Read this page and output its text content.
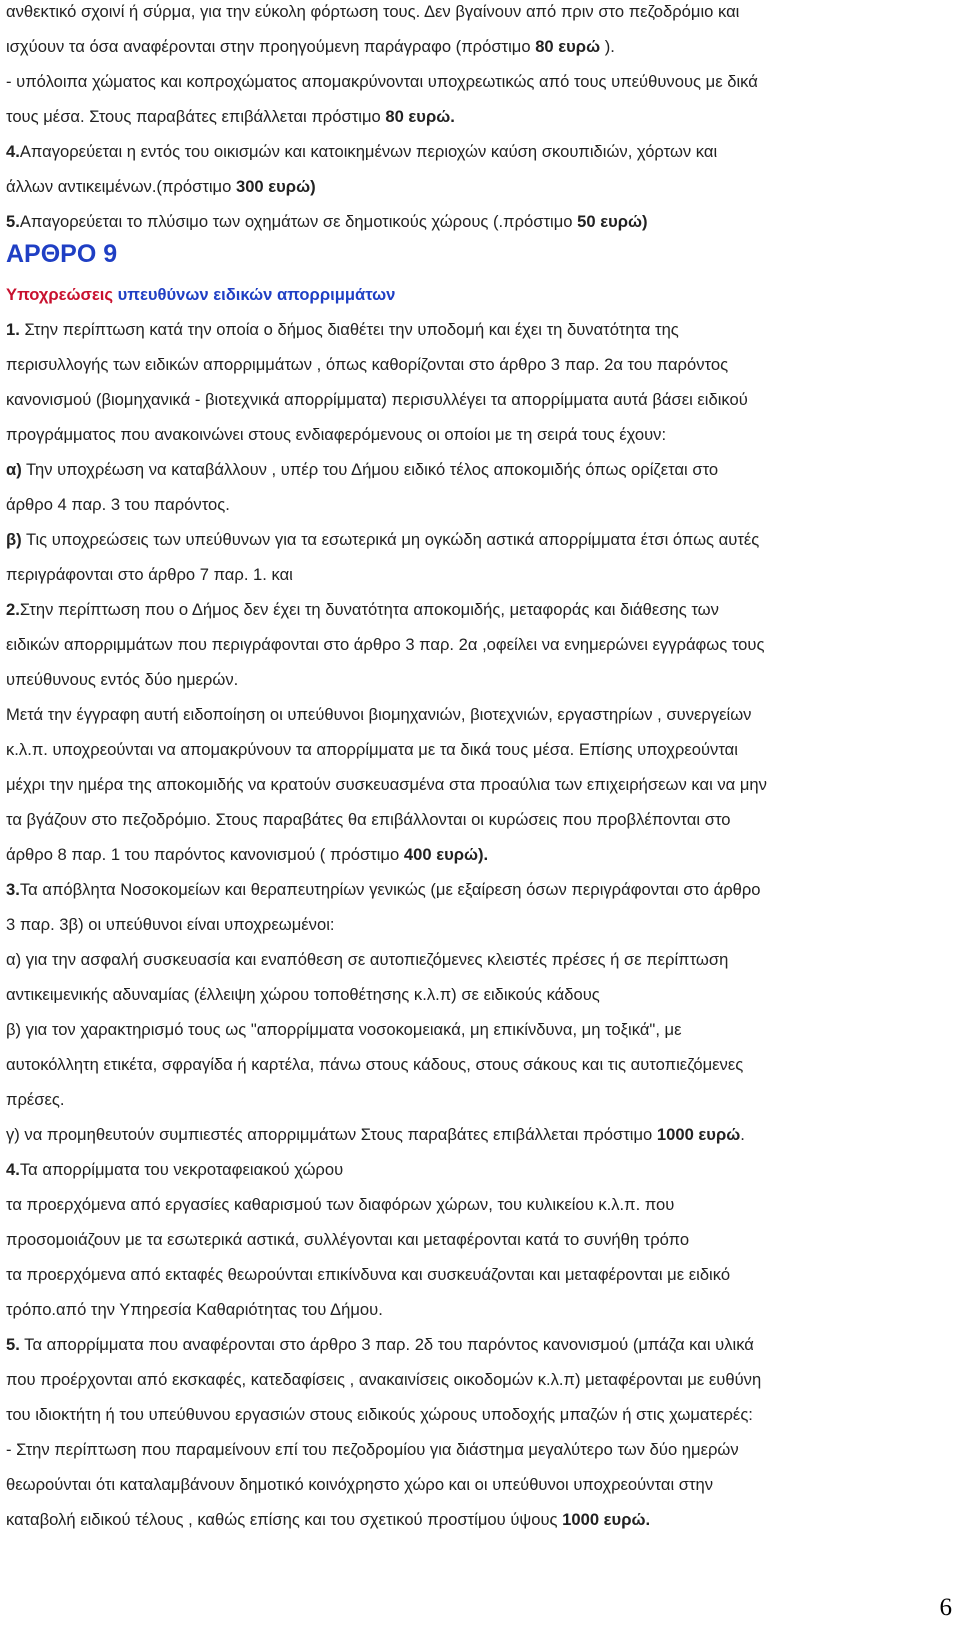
ΑΡΘΡΟ 9
ανθεκτικό σχοινί ή σύρμα, για την εύκολη φόρτωση τους. Δεν βγαίνουν από πριν στο πεζοδρόμιο και
ισχύουν τα όσα αναφέρονται στην προηγούμενη παράγραφο (πρόστιμο 80 ευρώ ).
- υπόλοιπα χώματος και κοπροχώματος απομακρύνονται υποχρεωτικώς από τους υπεύθυνους με δικά
τους μέσα. Στους παραβάτες επιβάλλεται πρόστιμο 80 ευρώ.
4.Απαγορεύεται η εντός του οικισμών και κατοικημένων περιοχών καύση σκουπιδιών, χόρτων και
άλλων αντικειμένων.(πρόστιμο 300 ευρώ)
5.Απαγορεύεται το πλύσιμο των οχημάτων σε δημοτικούς χώρους (.πρόστιμο 50 ευρώ)
Υποχρεώσεις υπευθύνων ειδικών απορριμμάτων
1. Στην περίπτωση κατά την οποία ο δήμος διαθέτει την υποδομή και έχει τη δυνατότητα της
περισυλλογής των ειδικών απορριμμάτων , όπως καθορίζονται στο άρθρο 3 παρ. 2α του παρόντος
κανονισμού (βιομηχανικά - βιοτεχνικά απορρίμματα) περισυλλέγει τα απορρίμματα αυτά βάσει ειδικού
προγράμματος που ανακοινώνει στους ενδιαφερόμενους οι οποίοι με τη σειρά τους έχουν:
α) Την υποχρέωση να καταβάλλουν , υπέρ του Δήμου ειδικό τέλος αποκομιδής όπως ορίζεται στο
άρθρο 4 παρ. 3 του παρόντος.
β) Τις υποχρεώσεις των υπεύθυνων για τα εσωτερικά μη ογκώδη αστικά απορρίμματα έτσι όπως αυτές
περιγράφονται στο άρθρο 7 παρ. 1. και
2.Στην περίπτωση που ο Δήμος δεν έχει τη δυνατότητα αποκομιδής, μεταφοράς και διάθεσης των
ειδικών απορριμμάτων που περιγράφονται στο άρθρο 3 παρ. 2α ,οφείλει να ενημερώνει εγγράφως τους
υπεύθυνους εντός δύο ημερών.
Μετά την έγγραφη αυτή ειδοποίηση οι υπεύθυνοι βιομηχανιών, βιοτεχνιών, εργαστηρίων , συνεργείων
κ.λ.π. υποχρεούνται να απομακρύνουν τα απορρίμματα με τα δικά τους μέσα. Επίσης υποχρεούνται
μέχρι την ημέρα της αποκομιδής να κρατούν συσκευασμένα στα προαύλια των επιχειρήσεων και να μην
τα βγάζουν στο πεζοδρόμιο. Στους παραβάτες θα επιβάλλονται οι κυρώσεις που προβλέπονται στο
άρθρο 8 παρ. 1 του παρόντος κανονισμού ( πρόστιμο 400 ευρώ).
3.Τα απόβλητα Νοσοκομείων και θεραπευτηρίων γενικώς (με εξαίρεση όσων περιγράφονται στο άρθρο
3 παρ. 3β) οι υπεύθυνοι είναι υποχρεωμένοι:
α) για την ασφαλή συσκευασία και εναπόθεση σε αυτοπιεζόμενες κλειστές πρέσες ή σε περίπτωση
αντικειμενικής αδυναμίας (έλλειψη χώρου τοποθέτησης κ.λ.π) σε ειδικούς κάδους
β) για τον χαρακτηρισμό τους ως "απορρίμματα νοσοκομειακά, μη επικίνδυνα, μη τοξικά", με
αυτοκόλλητη ετικέτα, σφραγίδα ή καρτέλα, πάνω στους κάδους, στους σάκους και τις αυτοπιεζόμενες
πρέσες.
γ) να προμηθευτούν συμπιεστές απορριμμάτων Στους παραβάτες επιβάλλεται πρόστιμο 1000 ευρώ.
4.Τα απορρίμματα του νεκροταφειακού χώρου
τα προερχόμενα από εργασίες καθαρισμού των διαφόρων χώρων, του κυλικείου κ.λ.π. που
προσομοιάζουν με τα εσωτερικά αστικά, συλλέγονται και μεταφέρονται κατά το συνήθη τρόπο
τα προερχόμενα από εκταφές θεωρούνται επικίνδυνα και συσκευάζονται και μεταφέρονται με ειδικό
τρόπο.από την Υπηρεσία Καθαριότητας του Δήμου.
5. Τα απορρίμματα που αναφέρονται στο άρθρο 3 παρ. 2δ του παρόντος κανονισμού (μπάζα και υλικά
που προέρχονται από εκσκαφές, κατεδαφίσεις , ανακαινίσεις οικοδομών κ.λ.π) μεταφέρονται με ευθύνη
του ιδιοκτήτη ή του υπεύθυνου εργασιών στους ειδικούς χώρους υποδοχής μπαζών ή στις χωματερές:
- Στην περίπτωση που παραμείνουν επί του πεζοδρομίου για διάστημα μεγαλύτερο των δύο ημερών
θεωρούνται ότι καταλαμβάνουν δημοτικό κοινόχρηστο χώρο και οι υπεύθυνοι υποχρεούνται στην
καταβολή ειδικού τέλους , καθώς επίσης και του σχετικού προστίμου ύψους 1000 ευρώ.
6
